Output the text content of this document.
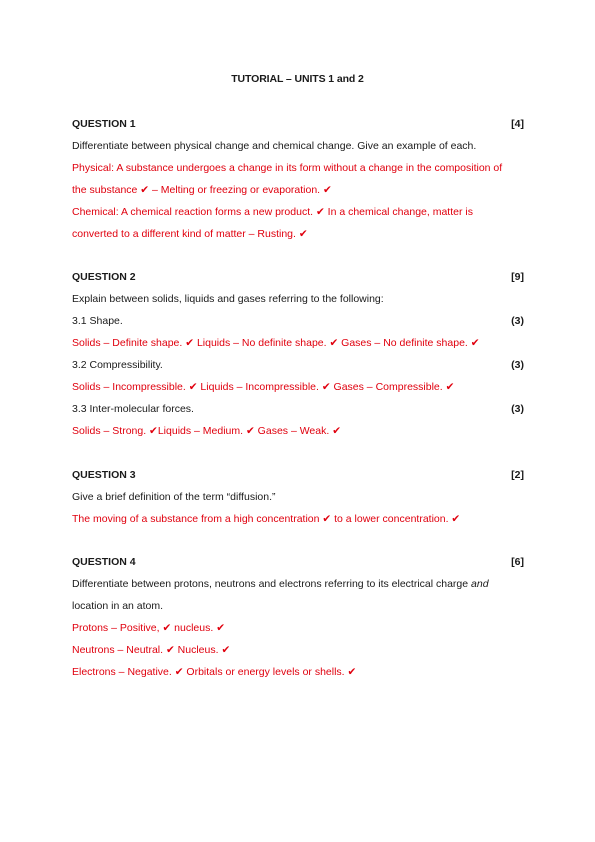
TUTORIAL – UNITS 1 and 2
QUESTION 1	[4]
Differentiate between physical change and chemical change. Give an example of each.
Physical: A substance undergoes a change in its form without a change in the composition of
the substance ✔ – Melting or freezing or evaporation. ✔
Chemical: A chemical reaction forms a new product. ✔ In a chemical change, matter is
converted to a different kind of matter – Rusting. ✔
QUESTION 2	[9]
Explain between solids, liquids and gases referring to the following:
3.1 Shape.	(3)
Solids – Definite shape. ✔ Liquids – No definite shape. ✔ Gases – No definite shape. ✔
3.2 Compressibility.	(3)
Solids – Incompressible. ✔ Liquids – Incompressible. ✔ Gases – Compressible. ✔
3.3 Inter-molecular forces.	(3)
Solids – Strong. ✔Liquids – Medium. ✔ Gases – Weak. ✔
QUESTION 3	[2]
Give a brief definition of the term “diffusion.”
The moving of a substance from a high concentration ✔ to a lower concentration. ✔
QUESTION 4	[6]
Differentiate between protons, neutrons and electrons referring to its electrical charge and
location in an atom.
Protons – Positive, ✔ nucleus. ✔
Neutrons – Neutral. ✔ Nucleus. ✔
Electrons – Negative. ✔ Orbitals or energy levels or shells. ✔
